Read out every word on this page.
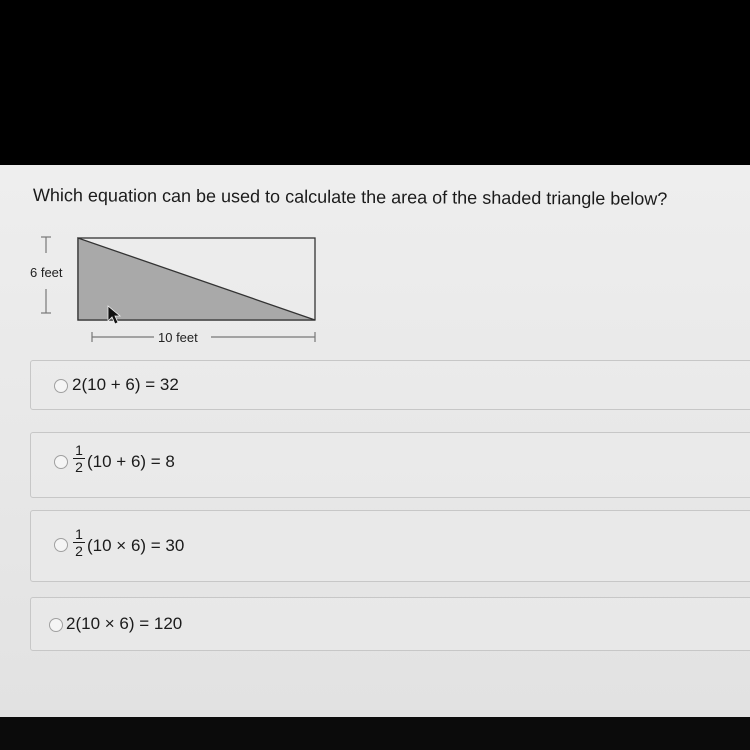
Which equation can be used to calculate the area of the shaded triangle below?
6 feet
10 feet
2(10 + 6) = 32
1
2 (10 + 6) = 8
1
2 (10 × 6) = 30
2(10 × 6) = 120
